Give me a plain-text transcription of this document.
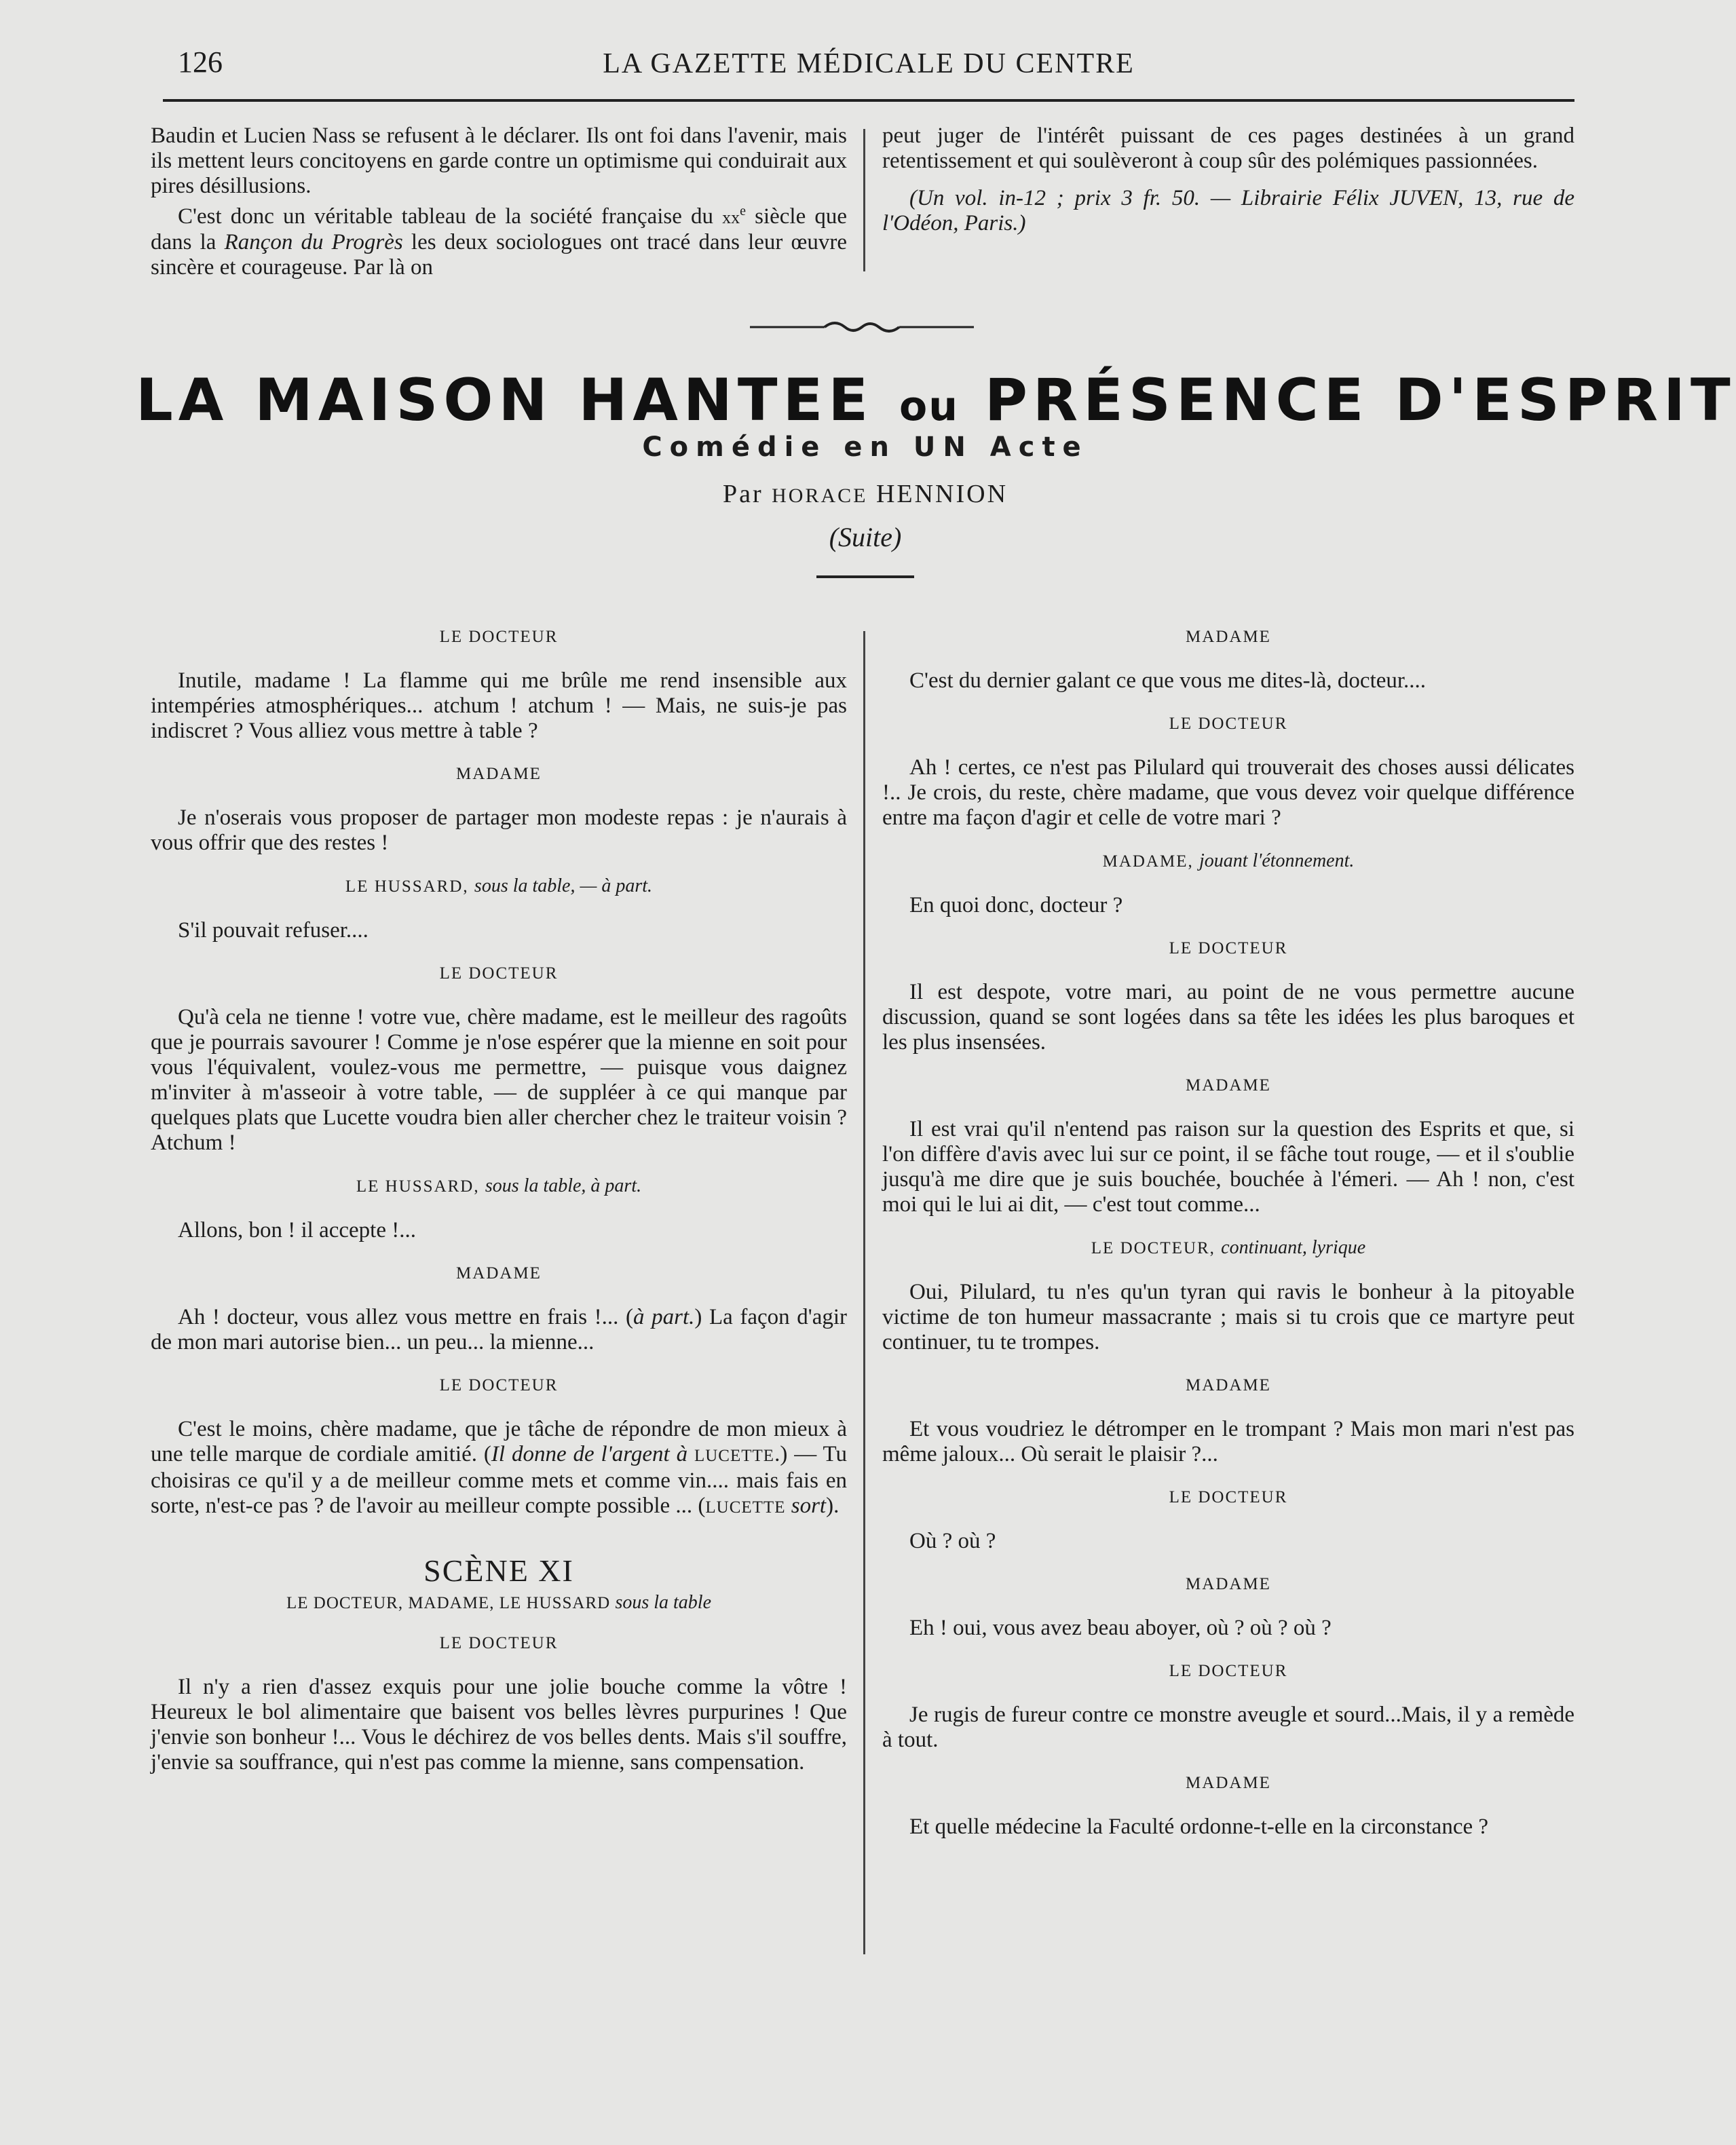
126	LA GAZETTE MÉDICALE DU CENTRE

Baudin et Lucien Nass se refusent à le déclarer. Ils ont foi dans l'avenir, mais ils mettent leurs concitoyens en garde contre un optimisme qui conduirait aux pires désillusions.

C'est donc un véritable tableau de la société française du $xx^e$ siècle que dans la Rançon du Progrès les deux sociologues ont tracé dans leur œuvre sincère et courageuse. Par là on

peut juger de l'intérêt puissant de ces pages destinées à un grand retentissement et qui soulèveront à coup sûr des polémiques passionnées.

(Un vol. in-12 ; prix 3 fr. 50. — Librairie Félix JUVEN, 13, rue de l'Odéon, Paris.)

LA MAISON HANTEE ou PRÉSENCE D'ESPRIT
Comédie en UN Acte
Par HORACE HENNION
(Suite)
LE DOCTEUR

Inutile, madame ! La flamme qui me brûle me rend insensible aux intempéries atmosphériques... atchum ! atchum ! — Mais, ne suis-je pas indiscret ? Vous alliez vous mettre à table ?

MADAME

Je n'oserais vous proposer de partager mon modeste repas : je n'aurais à vous offrir que des restes !

LE HUSSARD, sous la table, — à part.

S'il pouvait refuser....

LE DOCTEUR

Qu'à cela ne tienne ! votre vue, chère madame, est le meilleur des ragoûts que je pourrais savourer ! Comme je n'ose espérer que la mienne en soit pour vous l'équivalent, voulez-vous me permettre, — puisque vous daignez m'inviter à m'asseoir à votre table, — de suppléer à ce qui manque par quelques plats que Lucette voudra bien aller chercher chez le traiteur voisin ? Atchum !

LE HUSSARD, sous la table, à part.

Allons, bon ! il accepte !...

MADAME

Ah ! docteur, vous allez vous mettre en frais !... (à part.) La façon d'agir de mon mari autorise bien... un peu... la mienne...

LE DOCTEUR

C'est le moins, chère madame, que je tâche de répondre de mon mieux à une telle marque de cordiale amitié. (Il donne de l'argent à LUCETTE.) — Tu choisiras ce qu'il y a de meilleur comme mets et comme vin.... mais fais en sorte, n'est-ce pas ? de l'avoir au meilleur compte possible ... (LUCETTE sort).

SCÈNE XI
LE DOCTEUR, MADAME, LE HUSSARD sous la table
LE DOCTEUR

Il n'y a rien d'assez exquis pour une jolie bouche comme la vôtre ! Heureux le bol alimentaire que baisent vos belles lèvres purpurines ! Que j'envie son bonheur !... Vous le déchirez de vos belles dents. Mais s'il souffre, j'envie sa souffrance, qui n'est pas comme la mienne, sans compensation.

MADAME

C'est du dernier galant ce que vous me dites-là, docteur....

LE DOCTEUR

Ah ! certes, ce n'est pas Pilulard qui trouverait des choses aussi délicates !.. Je crois, du reste, chère madame, que vous devez voir quelque différence entre ma façon d'agir et celle de votre mari ?

MADAME, jouant l'étonnement.

En quoi donc, docteur ?

LE DOCTEUR

Il est despote, votre mari, au point de ne vous permettre aucune discussion, quand se sont logées dans sa tête les idées les plus baroques et les plus insensées.

MADAME

Il est vrai qu'il n'entend pas raison sur la question des Esprits et que, si l'on diffère d'avis avec lui sur ce point, il se fâche tout rouge, — et il s'oublie jusqu'à me dire que je suis bouchée, bouchée à l'émeri. — Ah ! non, c'est moi qui le lui ai dit, — c'est tout comme...

LE DOCTEUR, continuant, lyrique

Oui, Pilulard, tu n'es qu'un tyran qui ravis le bonheur à la pitoyable victime de ton humeur massacrante ; mais si tu crois que ce martyre peut continuer, tu te trompes.

MADAME

Et vous voudriez le détromper en le trompant ? Mais mon mari n'est pas même jaloux... Où serait le plaisir ?...

LE DOCTEUR

Où ? où ?

MADAME

Eh ! oui, vous avez beau aboyer, où ? où ? où ?

LE DOCTEUR

Je rugis de fureur contre ce monstre aveugle et sourd...Mais, il y a remède à tout.

MADAME

Et quelle médecine la Faculté ordonne-t-elle en la circonstance ?
